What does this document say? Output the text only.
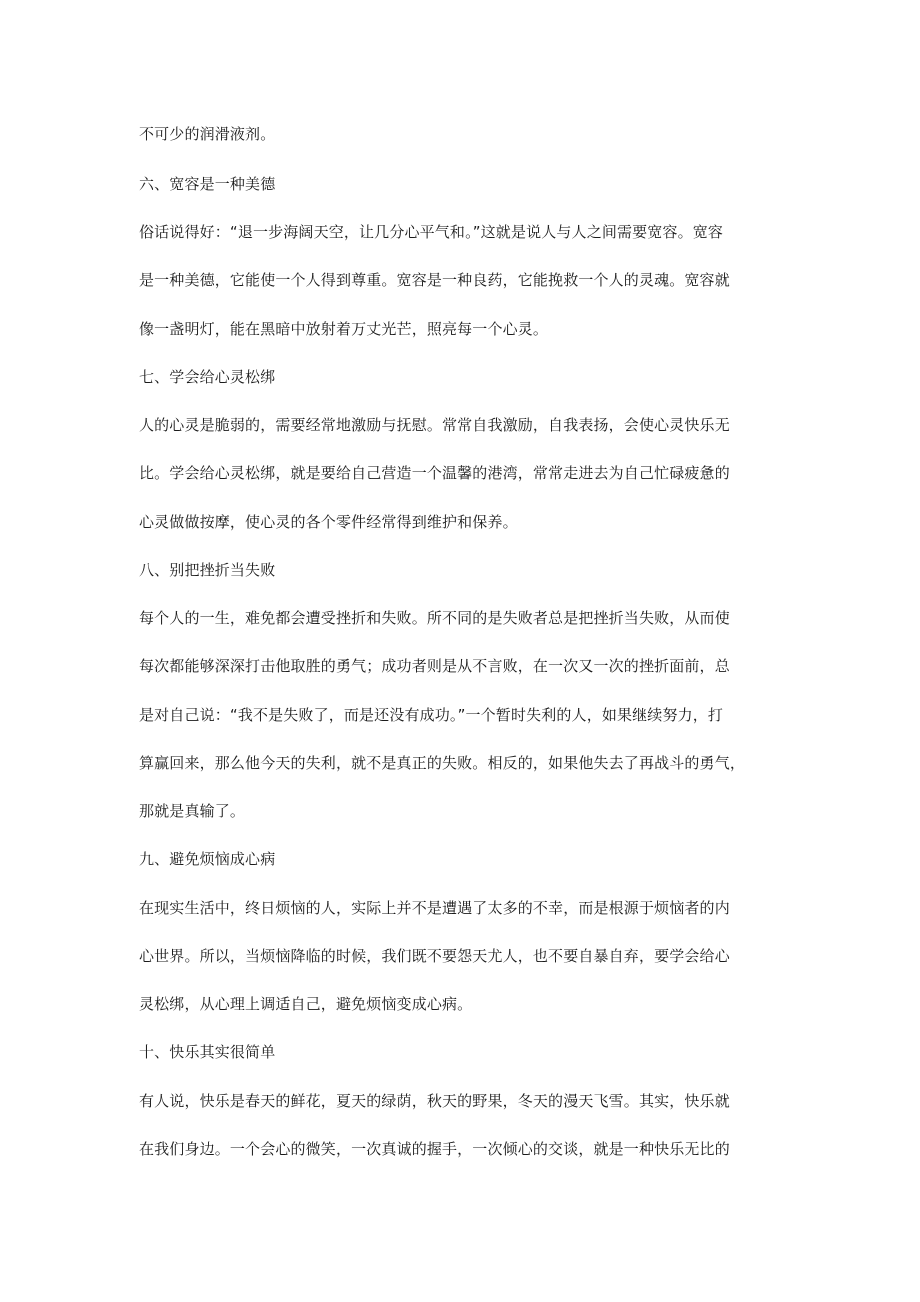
不可少的润滑液剂。
六、宽容是一种美德
俗话说得好：“退一步海阔天空，让几分心平气和。”这就是说人与人之间需要宽容。宽容
是一种美德，它能使一个人得到尊重。宽容是一种良药，它能挽救一个人的灵魂。宽容就
像一盏明灯，能在黑暗中放射着万丈光芒，照亮每一个心灵。
七、学会给心灵松绑
人的心灵是脆弱的，需要经常地激励与抚慰。常常自我激励，自我表扬，会使心灵快乐无
比。学会给心灵松绑，就是要给自己营造一个温馨的港湾，常常走进去为自己忙碌疲惫的
心灵做做按摩，使心灵的各个零件经常得到维护和保养。
八、别把挫折当失败
每个人的一生，难免都会遭受挫折和失败。所不同的是失败者总是把挫折当失败，从而使
每次都能够深深打击他取胜的勇气；成功者则是从不言败，在一次又一次的挫折面前，总
是对自己说：“我不是失败了，而是还没有成功。”一个暂时失利的人，如果继续努力，打
算赢回来，那么他今天的失利，就不是真正的失败。相反的，如果他失去了再战斗的勇气，
那就是真输了。
九、避免烦恼成心病
在现实生活中，终日烦恼的人，实际上并不是遭遇了太多的不幸，而是根源于烦恼者的内
心世界。所以，当烦恼降临的时候，我们既不要怨天尤人，也不要自暴自弃，要学会给心
灵松绑，从心理上调适自己，避免烦恼变成心病。
十、快乐其实很简单
有人说，快乐是春天的鲜花，夏天的绿荫，秋天的野果，冬天的漫天飞雪。其实，快乐就
在我们身边。一个会心的微笑，一次真诚的握手，一次倾心的交谈，就是一种快乐无比的
